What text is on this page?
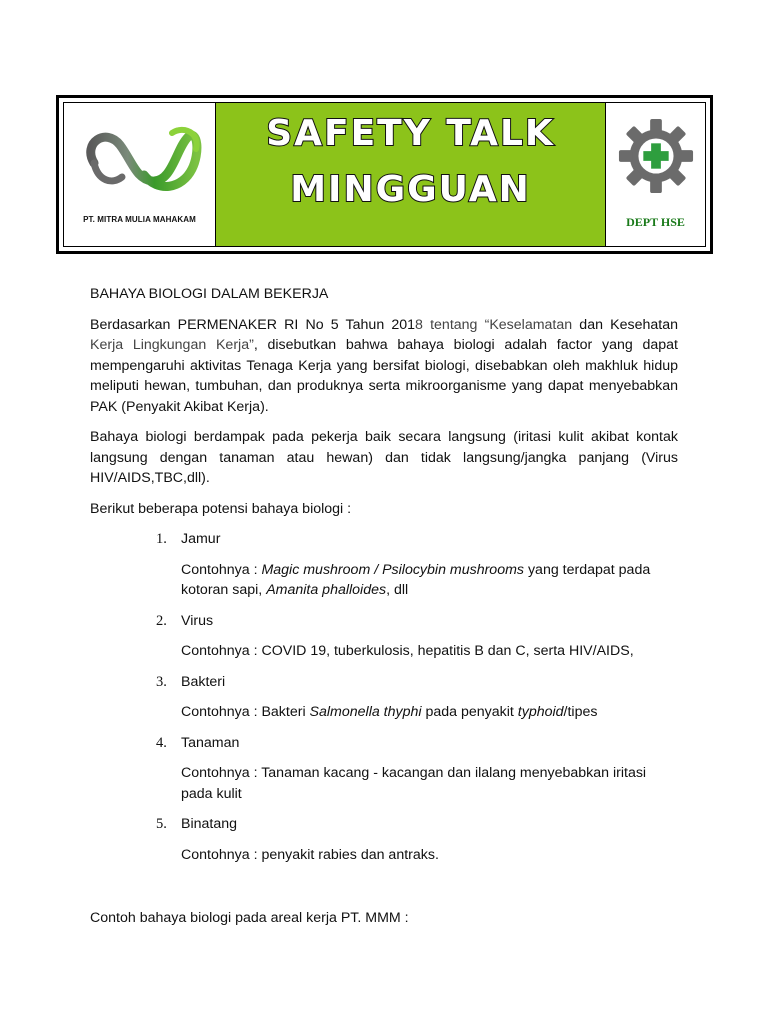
PT. MITRA MULIA MAHAKAM
SAFETY TALK
MINGGUAN
DEPT HSE
BAHAYA BIOLOGI DALAM BEKERJA
Berdasarkan PERMENAKER RI No 5 Tahun 2018 tentang “Keselamatan dan Kesehatan Kerja Lingkungan Kerja”, disebutkan bahwa bahaya biologi adalah factor yang dapat mempengaruhi aktivitas Tenaga Kerja yang bersifat biologi, disebabkan oleh makhluk hidup meliputi hewan, tumbuhan, dan produknya serta mikroorganisme yang dapat menyebabkan PAK (Penyakit Akibat Kerja).
Bahaya biologi berdampak pada pekerja baik secara langsung (iritasi kulit akibat kontak langsung dengan tanaman atau hewan) dan tidak langsung/jangka panjang (Virus HIV/AIDS,TBC,dll).
Berikut beberapa potensi bahaya biologi :
1. Jamur
Contohnya : Magic mushroom / Psilocybin mushrooms yang terdapat pada kotoran sapi, Amanita phalloides, dll
2. Virus
Contohnya : COVID 19, tuberkulosis, hepatitis B dan C, serta HIV/AIDS,
3. Bakteri
Contohnya : Bakteri Salmonella thyphi pada penyakit typhoid/tipes
4. Tanaman
Contohnya : Tanaman kacang - kacangan dan ilalang menyebabkan iritasi pada kulit
5. Binatang
Contohnya : penyakit rabies dan antraks.
Contoh bahaya biologi pada areal kerja PT. MMM :
